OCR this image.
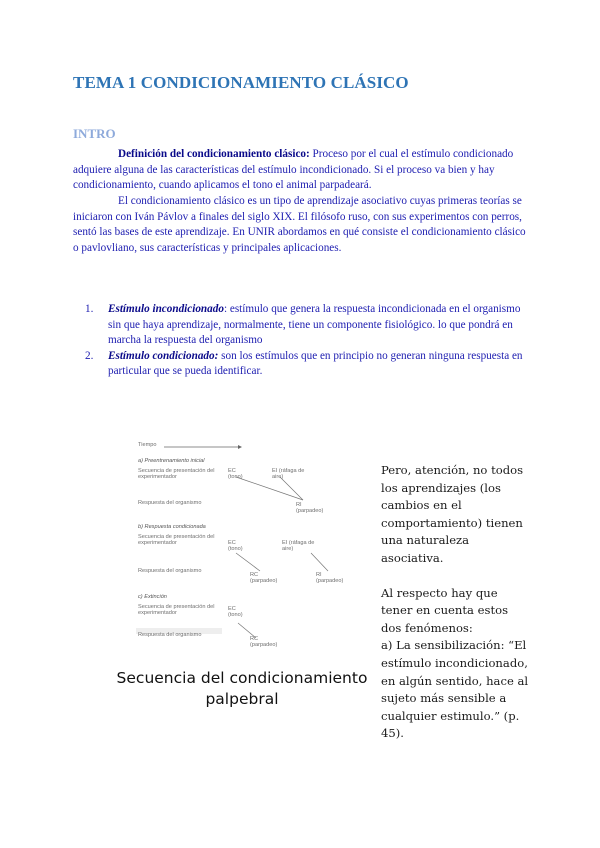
TEMA 1 CONDICIONAMIENTO CLÁSICO
INTRO

Definición del condicionamiento clásico: Proceso por el cual el estímulo condicionado adquiere alguna de las características del estímulo incondicionado. Si el proceso va bien y hay condicionamiento, cuando aplicamos el tono el animal parpadeará.

El condicionamiento clásico es un tipo de aprendizaje asociativo cuyas primeras teorías se iniciaron con Iván Pávlov a finales del siglo XIX. El filósofo ruso, con sus experimentos con perros, sentó las bases de este aprendizaje. En UNIR abordamos en qué consiste el condicionamiento clásico o pavlovliano, sus características y principales aplicaciones.

1. Estímulo incondicionado: estímulo que genera la respuesta incondicionada en el organismo sin que haya aprendizaje, normalmente, tiene un componente fisiológico. lo que pondrá en marcha la respuesta del organismo
2. Estímulo condicionado: son los estímulos que en principio no generan ninguna respuesta en particular que se pueda identificar.
Tiempo
a) Preentrenamiento inicial
Secuencia de presentación del experimentador
EC (tono)
EI (ráfaga de aire)
Respuesta del organismo	RI (parpadeo)
b) Respuesta condicionada
Secuencia de presentación del experimentador	EC (tono)
EI (ráfaga de aire)
Respuesta del organismo
RC (parpadeo)
RI (parpadeo)
c) Extinción
Secuencia de presentación del experimentador
EC (tono)
Respuesta del organismo
RC (parpadeo)

Secuencia del condicionamiento palpebral

Pero, atención, no todos los aprendizajes (los cambios en el comportamiento) tienen una naturaleza asociativa.

Al respecto hay que tener en cuenta estos dos fenómenos:

a) La sensibilización: “El estímulo incondicionado, en algún sentido, hace al sujeto más sensible a cualquier estimulo.” (p. 45).
